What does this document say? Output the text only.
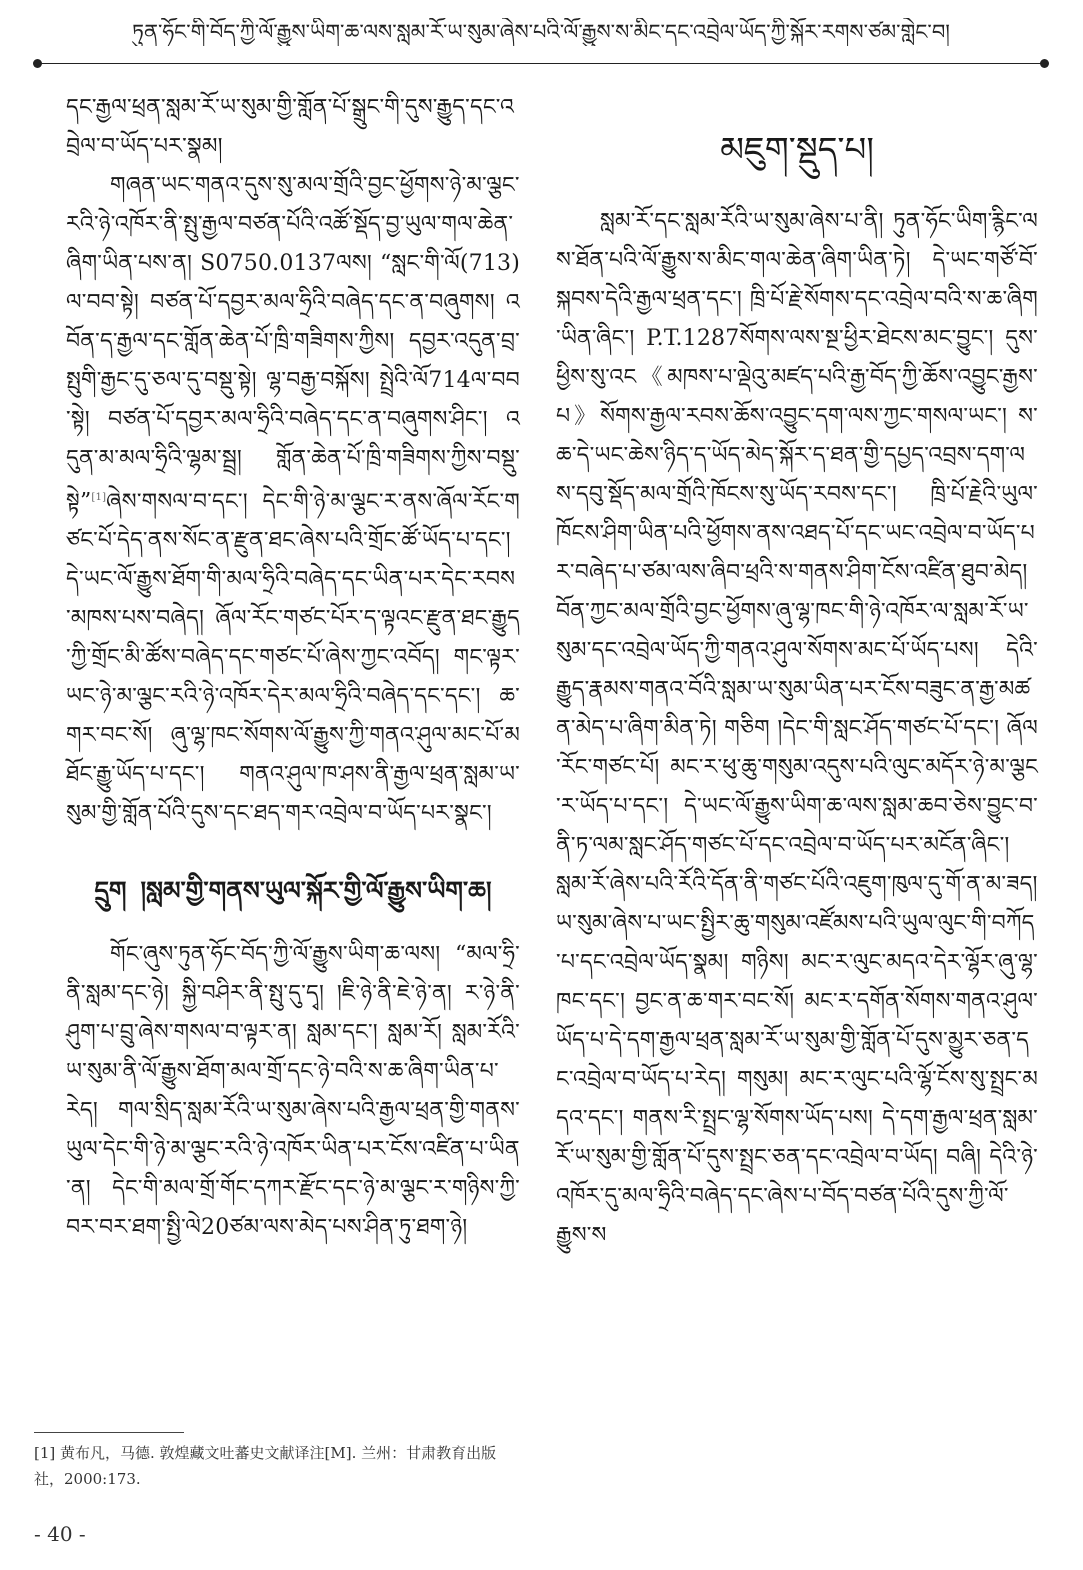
ཏུན་ཧོང་གི་བོད་ཀྱི་ལོ་རྒྱུས་ཡིག་ཆ་ལས་སླམ་རོ་ཡ་སུམ་ཞེས་པའི་ལོ་རྒྱུས་ས་མིང་དང་འབྲེལ་ཡོད་ཀྱི་སྐོར་རགས་ཙམ་གླེང་བ།

དང་རྒྱལ་ཕྲན་སླམ་རོ་ཡ་སུམ་གྱི་གློན་པོ་སྒྲུང་གི་དུས་རྒྱུད་དང་འབྲེལ་བ་ཡོད་པར་སྣམ།

གཞན་ཡང་གནའ་དུས་སུ་མལ་གྲོའི་བྱང་ཕྱོགས་ཉེ་མ་ལྕང་རའི་ཉེ་འཁོར་ནི་སྤུ་རྒྱལ་བཙན་པོའི་འཚོ་སྡོད་བྱ་ཡུལ་གལ་ཆེན་ཞིག་ཡིན་པས་ན། S0750.0137ལས། “སླང་གི་ལོ(713)ལ་བབ་སྟེ། བཙན་པོ་དབྱར་མལ་ཧྲིའི་བཞེད་དང་ན་བཞུགས། འབོན་ད་རྒྱལ་དང་གློན་ཆེན་པོ་ཁྲི་གཟིགས་ཀྱིས། དབྱར་འདུན་བྲ་སྤུགི་རྒྱང་དུ་ཅལ་དུ་བསྡུ་སྟེ། ལྷ་བརྒྱ་བསྐོས། སྤྲེའི་ལོ714ལ་བབ་སྟེ། བཙན་པོ་དབྱར་མལ་ཧྲིའི་བཞེད་དང་ན་བཞུགས་ཤིང་། འདུན་མ་མལ་ཧྲིའི་ལྷམ་སྦྲ། གློན་ཆེན་པོ་ཁྲི་གཟིགས་ཀྱིས་བསྡུ་སྟེ”[1]ཞེས་གསལ་བ་དང་། དེང་གི་ཉེ་མ་ལྕང་ར་ནས་ཞོལ་རོང་གཙང་པོ་དེད་ནས་སོང་ན་རྫུན་ཐང་ཞེས་པའི་གྲོང་ཚོ་ཡོད་པ་དང་། དེ་ཡང་ལོ་རྒྱུས་ཐོག་གི་མལ་ཧྲིའི་བཞེད་དང་ཡིན་པར་དེང་རབས་མཁས་པས་བཞེད། ཞོལ་རོང་གཙང་པོར་ད་ལྟའང་རྫུན་ཐང་རྒྱུད་ཀྱི་གྲོང་མི་ཚོས་བཞེད་དང་གཙང་པོ་ཞེས་ཀྱང་འབོད། གང་ལྟར་ཡང་ཉེ་མ་ལྕང་རའི་ཉེ་འཁོར་དེར་མལ་ཧྲིའི་བཞེད་དང་དང་། ཆ་གར་བང་སོ། ཞུ་ལྷ་ཁང་སོགས་ལོ་རྒྱུས་ཀྱི་གནའ་ཤུལ་མང་པོ་མཐོང་རྒྱུ་ཡོད་པ་དང་། གནའ་ཤུལ་ཁ་ཤས་ནི་རྒྱལ་ཕྲན་སླམ་ཡ་སུམ་གྱི་གློན་པོའི་དུས་དང་ཐད་གར་འབྲེལ་བ་ཡོད་པར་སྣང་།

དྲུག །སླམ་གྱི་གནས་ཡུལ་སྐོར་གྱི་ལོ་རྒྱུས་ཡིག་ཆ།

གོང་ཞུས་ཏུན་ཧོང་བོད་ཀྱི་ལོ་རྒྱུས་ཡིག་ཆ་ལས། “མལ་ཧྲི་ནི་སླམ་དང་ཉེ། སྐྱི་བཤིར་ནི་སྤུ་དུ་དྭ། །ཇི་ཉེ་ནི་ཇེ་ཉེ་ན། ར་ཉེ་ནི་ཤུག་པ་བྲུ་ཞེས་གསལ་བ་ལྟར་ན། སླམ་དང་། སླམ་རོ། སླམ་རོའི་ཡ་སུམ་ནི་ལོ་རྒྱུས་ཐོག་མལ་གྲོ་དང་ཉེ་བའི་ས་ཆ་ཞིག་ཡིན་པ་རེད། གལ་སྲིད་སླམ་རོའི་ཡ་སུམ་ཞེས་པའི་རྒྱལ་ཕྲན་གྱི་གནས་ཡུལ་དེང་གི་ཉེ་མ་ལྕང་རའི་ཉེ་འཁོར་ཡིན་པར་ངོས་འཛིན་པ་ཡིན་ན། དེང་གི་མལ་གྲོ་གོང་དཀར་རྫོང་དང་ཉེ་མ་ལྕང་ར་གཉིས་ཀྱི་བར་བར་ཐག་སྤྱི་ལེ20ཙམ་ལས་མེད་པས་ཤིན་ཏུ་ཐག་ཉེ།

མཇུག་སྡུད་པ།

སླམ་རོ་དང་སླམ་རོའི་ཡ་སུམ་ཞེས་པ་ནི། ཏུན་ཧོང་ཡིག་རྙིང་ལས་ཐོན་པའི་ལོ་རྒྱུས་ས་མིང་གལ་ཆེན་ཞིག་ཡིན་ཏེ། དེ་ཡང་གཙོ་བོ་སྐབས་དེའི་རྒྱལ་ཕྲན་དང་། ཁྲི་པོ་རྗེ་སོགས་དང་འབྲེལ་བའི་ས་ཆ་ཞིག་ཡིན་ཞིང་། P.T.1287སོགས་ལས་སྔ་ཕྱིར་ཐེངས་མང་བྱུང་། དུས་ཕྱིས་སུ་འང《མཁས་པ་ལྡེའུ་མཛད་པའི་རྒྱ་བོད་ཀྱི་ཆོས་འབྱུང་རྒྱས་པ》སོགས་རྒྱལ་རབས་ཆོས་འབྱུང་དག་ལས་ཀྱང་གསལ་ཡང་། ས་ཆ་དེ་ཡང་ཆེས་ཉིད་ད་ཡོད་མེད་སྐོར་ད་ཐན་གྱི་དཔྱད་འབྲས་དག་ལས་དབུ་སྡོད་མལ་གྲོའི་ཁོངས་སུ་ཡོད་རབས་དང་། ཁྲི་པོ་རྗེའི་ཡུལ་ཁོངས་ཤིག་ཡིན་པའི་ཕྱོགས་ནས་འཐད་པོ་དང་ཡང་འབྲེལ་བ་ཡོད་པར་བཞེད་པ་ཙམ་ལས་ཞིབ་ཕྲའི་ས་གནས་ཤིག་ངོས་འཛིན་ཐུབ་མེད། བོན་ཀྱང་མལ་གྲོའི་བྱང་ཕྱོགས་ཞུ་ལྷ་ཁང་གི་ཉེ་འཁོར་ལ་སླམ་རོ་ཡ་སུམ་དང་འབྲེལ་ཡོད་ཀྱི་གནའ་ཤུལ་སོགས་མང་པོ་ཡོད་པས། དེའི་རྒྱུད་རྣམས་གནའ་བོའི་སླམ་ཡ་སུམ་ཡིན་པར་ངོས་བཟུང་ན་རྒྱ་མཚན་མེད་པ་ཞིག་མིན་ཏེ། གཅིག །དེང་གི་སླང་ཤོད་གཙང་པོ་དང་། ཞོལ་རོང་གཙང་པོ། མང་ར་ཕུ་ཆུ་གསུམ་འདུས་པའི་ལུང་མདོར་ཉེ་མ་ལྕང་ར་ཡོད་པ་དང་། དེ་ཡང་ལོ་རྒྱུས་ཡིག་ཆ་ལས་སླམ་ཆབ་ཅེས་བྱུང་བ་ནི་ཏ་ལམ་སླང་ཤོད་གཙང་པོ་དང་འབྲེལ་བ་ཡོད་པར་མངོན་ཞིང་། སླམ་རོ་ཞེས་པའི་རོའི་དོན་ནི་གཙང་པོའི་འཇུག་ཁུལ་དུ་གོ་ན་མ་ཟད། ཡ་སུམ་ཞེས་པ་ཡང་སྤྱིར་ཆུ་གསུམ་འཛོམས་པའི་ཡུལ་ལུང་གི་བཀོད་པ་དང་འབྲེལ་ཡོད་སྣམ། གཉིས། མང་ར་ལུང་མདའ་དེར་ལྷོར་ཞུ་ལྷ་ཁང་དང་། བྱང་ན་ཆ་གར་བང་སོ། མང་ར་དགོན་སོགས་གནའ་ཤུལ་ཡོད་པ་དེ་དག་རྒྱལ་ཕྲན་སླམ་རོ་ཡ་སུམ་གྱི་གློན་པོ་དུས་མྱུར་ཅན་དང་འབྲེལ་བ་ཡོད་པ་རེད། གསུམ། མང་ར་ལུང་པའི་ལྷོ་ངོས་སུ་སྤྲང་མདའ་དང་། གནས་རི་སྤྲང་ལྷ་སོགས་ཡོད་པས། དེ་དག་རྒྱལ་ཕྲན་སླམ་རོ་ཡ་སུམ་གྱི་གློན་པོ་དུས་སྤྲང་ཅན་དང་འབྲེལ་བ་ཡོད། བཞི། དེའི་ཉེ་འཁོར་དུ་མལ་ཧྲིའི་བཞེད་དང་ཞེས་པ་བོད་བཙན་པོའི་དུས་ཀྱི་ལོ་རྒྱུས་ས

[1] 黄布凡，马德. 敦煌藏文吐蕃史文献译注[M]. 兰州：甘肃教育出版社，2000:173.
- 40 -
